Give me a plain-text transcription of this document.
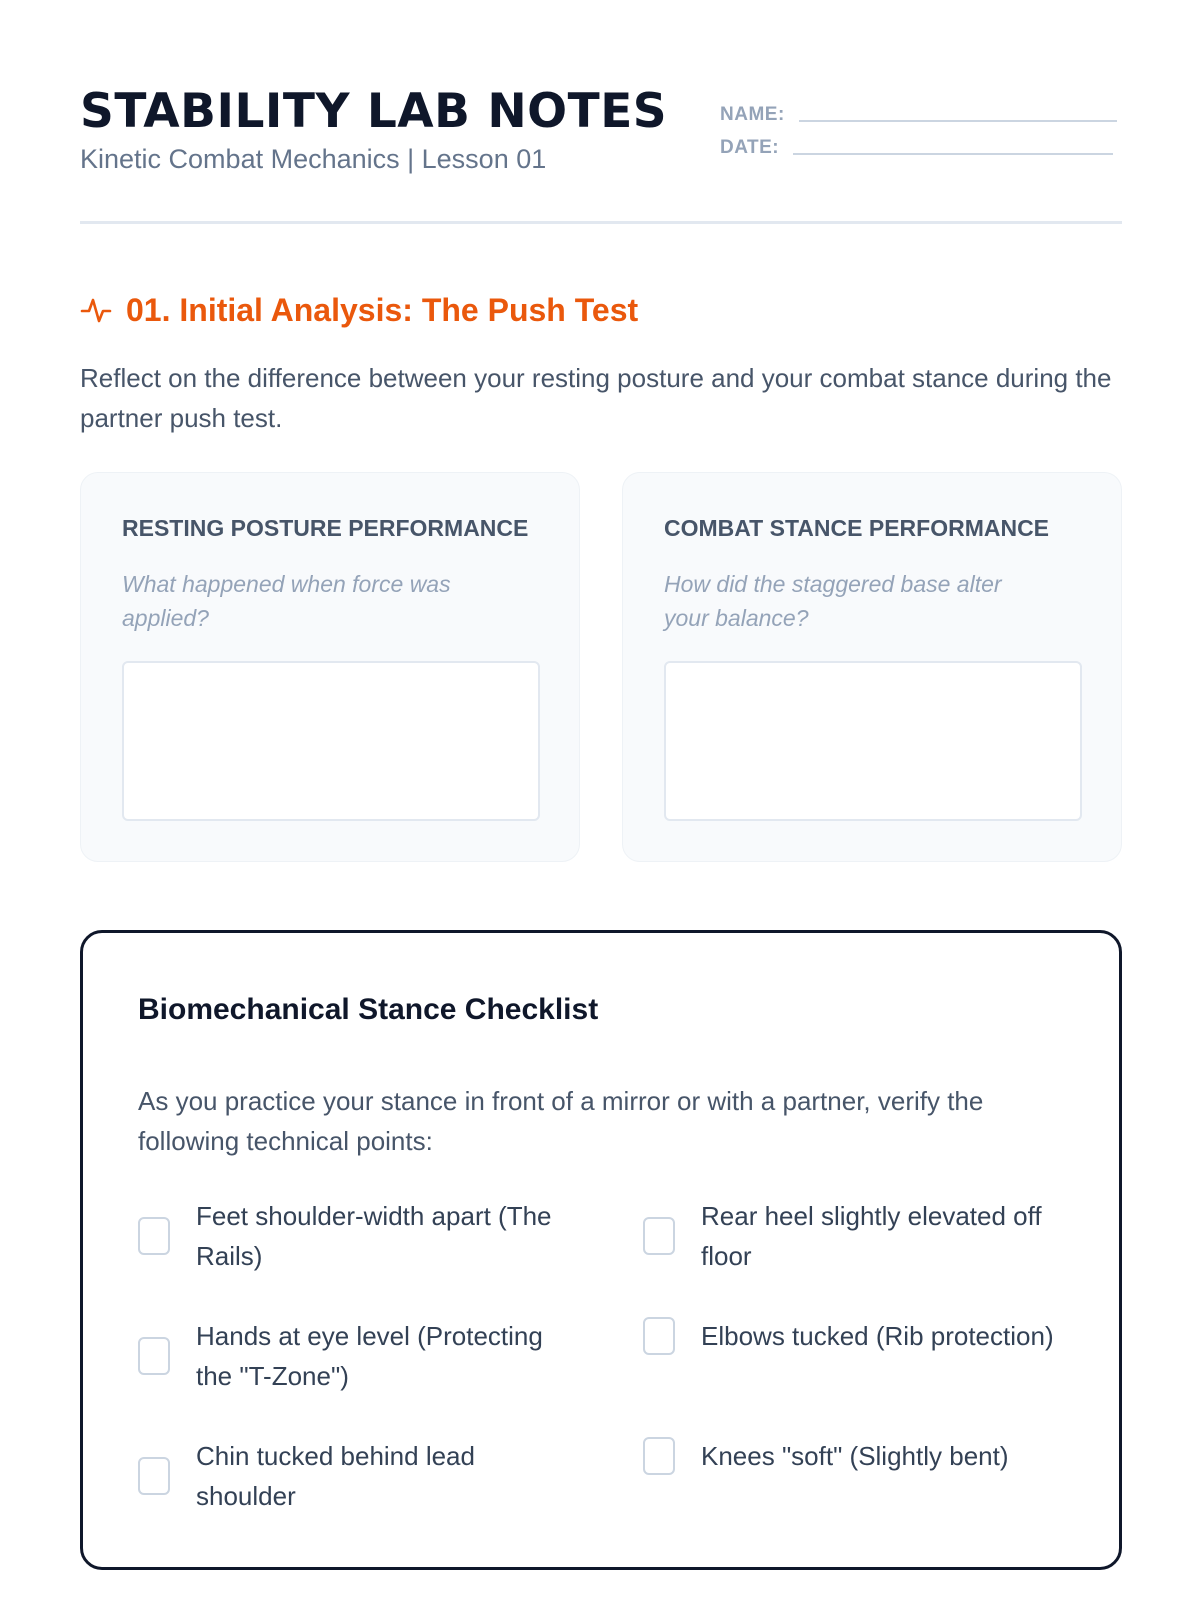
STABILITY LAB NOTES
Kinetic Combat Mechanics | Lesson 01
NAME:
DATE:
01. Initial Analysis: The Push Test
Reflect on the difference between your resting posture and your combat stance during the partner push test.
RESTING POSTURE PERFORMANCE
What happened when force was applied?
COMBAT STANCE PERFORMANCE
How did the staggered base alter your balance?
Biomechanical Stance Checklist
As you practice your stance in front of a mirror or with a partner, verify the following technical points:
Feet shoulder-width apart (The Rails)
Rear heel slightly elevated off floor
Hands at eye level (Protecting the "T-Zone")
Elbows tucked (Rib protection)
Chin tucked behind lead shoulder
Knees "soft" (Slightly bent)
